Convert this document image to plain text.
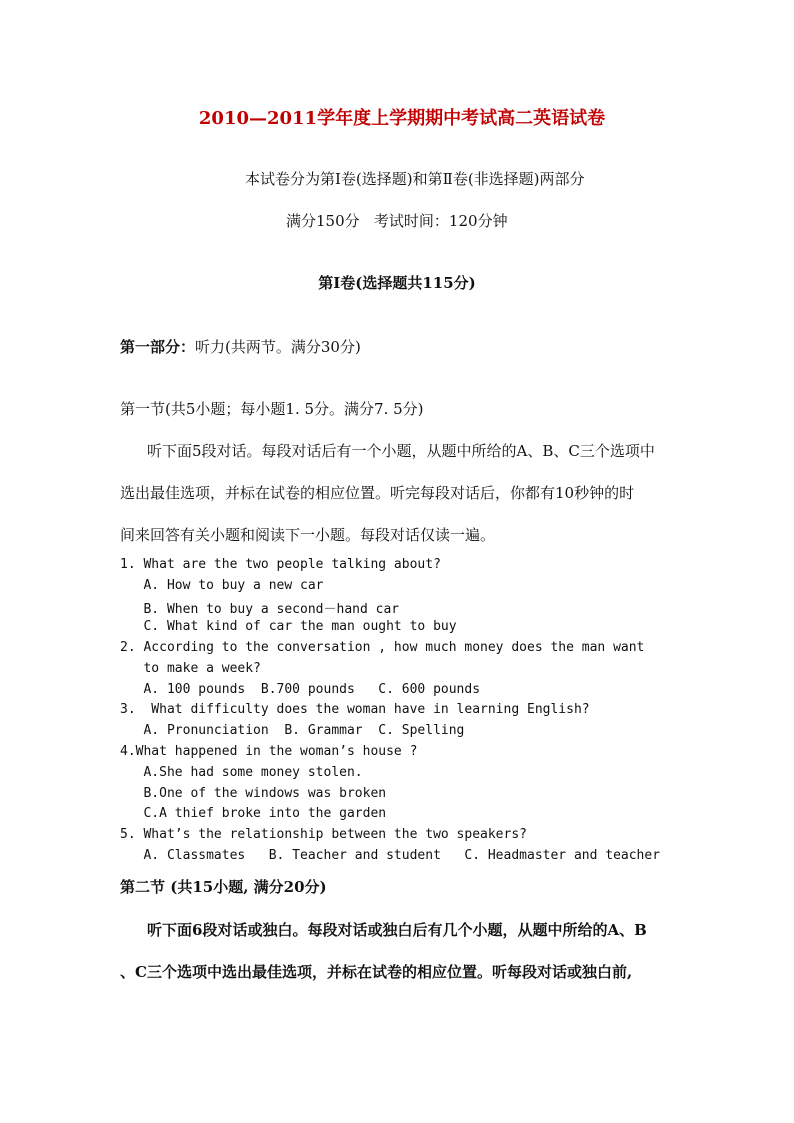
2010—2011学年度上学期期中考试高二英语试卷
本试卷分为第Ⅰ卷(选择题)和第Ⅱ卷(非选择题)两部分
满分150分   考试时间：120分钟
第Ⅰ卷(选择题共115分)
第一部分：听力(共两节。满分30分)
第一节(共5小题；每小题1. 5分。满分7. 5分)
听下面5段对话。每段对话后有一个小题，从题中所给的A、B、C三个选项中
选出最佳选项，并标在试卷的相应位置。听完每段对话后，你都有10秒钟的时
间来回答有关小题和阅读下一小题。每段对话仅读一遍。
1. What are the two people talking about?
A. How to buy a new car
B. When to buy a second－hand car
C. What kind of car the man ought to buy
2. According to the conversation , how much money does the man want
to make a week?
A. 100 pounds  B.700 pounds   C. 600 pounds
3.  What difficulty does the woman have in learning English?
A. Pronunciation  B. Grammar  C. Spelling
4.What happened in the woman’s house ?
A.She had some money stolen.
B.One of the windows was broken
C.A thief broke into the garden
5. What’s the relationship between the two speakers?
A. Classmates   B. Teacher and student   C. Headmaster and teacher
第二节 (共15小题, 满分20分)
听下面6段对话或独白。每段对话或独白后有几个小题，从题中所给的A、B
、C三个选项中选出最佳选项，并标在试卷的相应位置。听每段对话或独白前,
